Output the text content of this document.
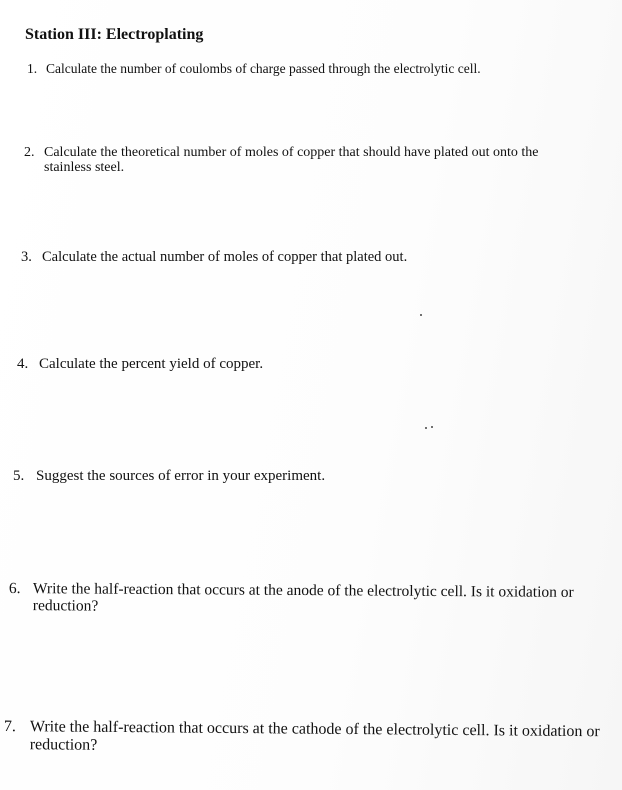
Station III: Electroplating
1. Calculate the number of coulombs of charge passed through the electrolytic cell.
2. Calculate the theoretical number of moles of copper that should have plated out onto the
stainless steel.
3. Calculate the actual number of moles of copper that plated out.
4. Calculate the percent yield of copper.
5. Suggest the sources of error in your experiment.
6. Write the half-reaction that occurs at the anode of the electrolytic cell. Is it oxidation or
reduction?
7. Write the half-reaction that occurs at the cathode of the electrolytic cell. Is it oxidation or
reduction?
